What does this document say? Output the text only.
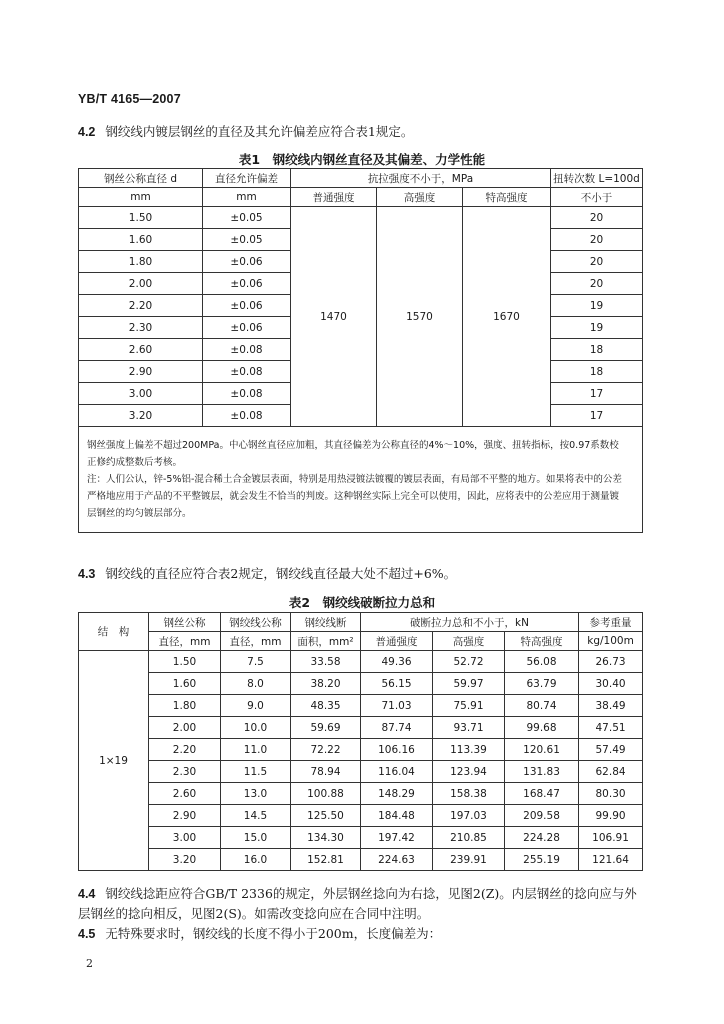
YB/T 4165—2007
4.2 钢绞线内镀层钢丝的直径及其允许偏差应符合表1规定。
表1　钢绞线内钢丝直径及其偏差、力学性能
钢丝公称直径 d	直径允许偏差	抗拉强度不小于，MPa			扭转次数 L=100d
mm	mm	普通强度	高强度	特高强度	不小于
1.50	±0.05	1470	1570	1670	20
1.60	±0.05				20
1.80	±0.06				20
2.00	±0.06				20
2.20	±0.06				19
2.30	±0.06				19
2.60	±0.08				18
2.90	±0.08				18
3.00	±0.08				17
3.20	±0.08				17

钢丝强度上偏差不超过200MPa。中心钢丝直径应加粗，其直径偏差为公称直径的4%～10%，强度、扭转指标，按0.97系数校正修约成整数后考核。

注：人们公认，锌-5%铝-混合稀土合金镀层表面，特别是用热浸镀法镀覆的镀层表面，有局部不平整的地方。如果将表中的公差严格地应用于产品的不平整镀层，就会发生不恰当的判废。这种钢丝实际上完全可以使用，因此，应将表中的公差应用于测量镀层钢丝的均匀镀层部分。					

4.3 钢绞线的直径应符合表2规定，钢绞线直径最大处不超过+6%。
表2　钢绞线破断拉力总和
结　构	钢丝公称	钢绞线公称	钢绞线断	破断拉力总和不小于，kN			参考重量
	直径，mm	直径，mm	面积，mm²	普通强度	高强度	特高强度	kg/100m
1×19	1.50	7.5	33.58	49.36	52.72	56.08	26.73
	1.60	8.0	38.20	56.15	59.97	63.79	30.40
	1.80	9.0	48.35	71.03	75.91	80.74	38.49
	2.00	10.0	59.69	87.74	93.71	99.68	47.51
	2.20	11.0	72.22	106.16	113.39	120.61	57.49
	2.30	11.5	78.94	116.04	123.94	131.83	62.84
	2.60	13.0	100.88	148.29	158.38	168.47	80.30
	2.90	14.5	125.50	184.48	197.03	209.58	99.90
	3.00	15.0	134.30	197.42	210.85	224.28	106.91
	3.20	16.0	152.81	224.63	239.91	255.19	121.64
4.4 钢绞线捻距应符合GB/T 2336的规定，外层钢丝捻向为右捻，见图2(Z)。内层钢丝的捻向应与外
层钢丝的捻向相反，见图2(S)。如需改变捻向应在合同中注明。
4.5 无特殊要求时，钢绞线的长度不得小于200m，长度偏差为：
2
